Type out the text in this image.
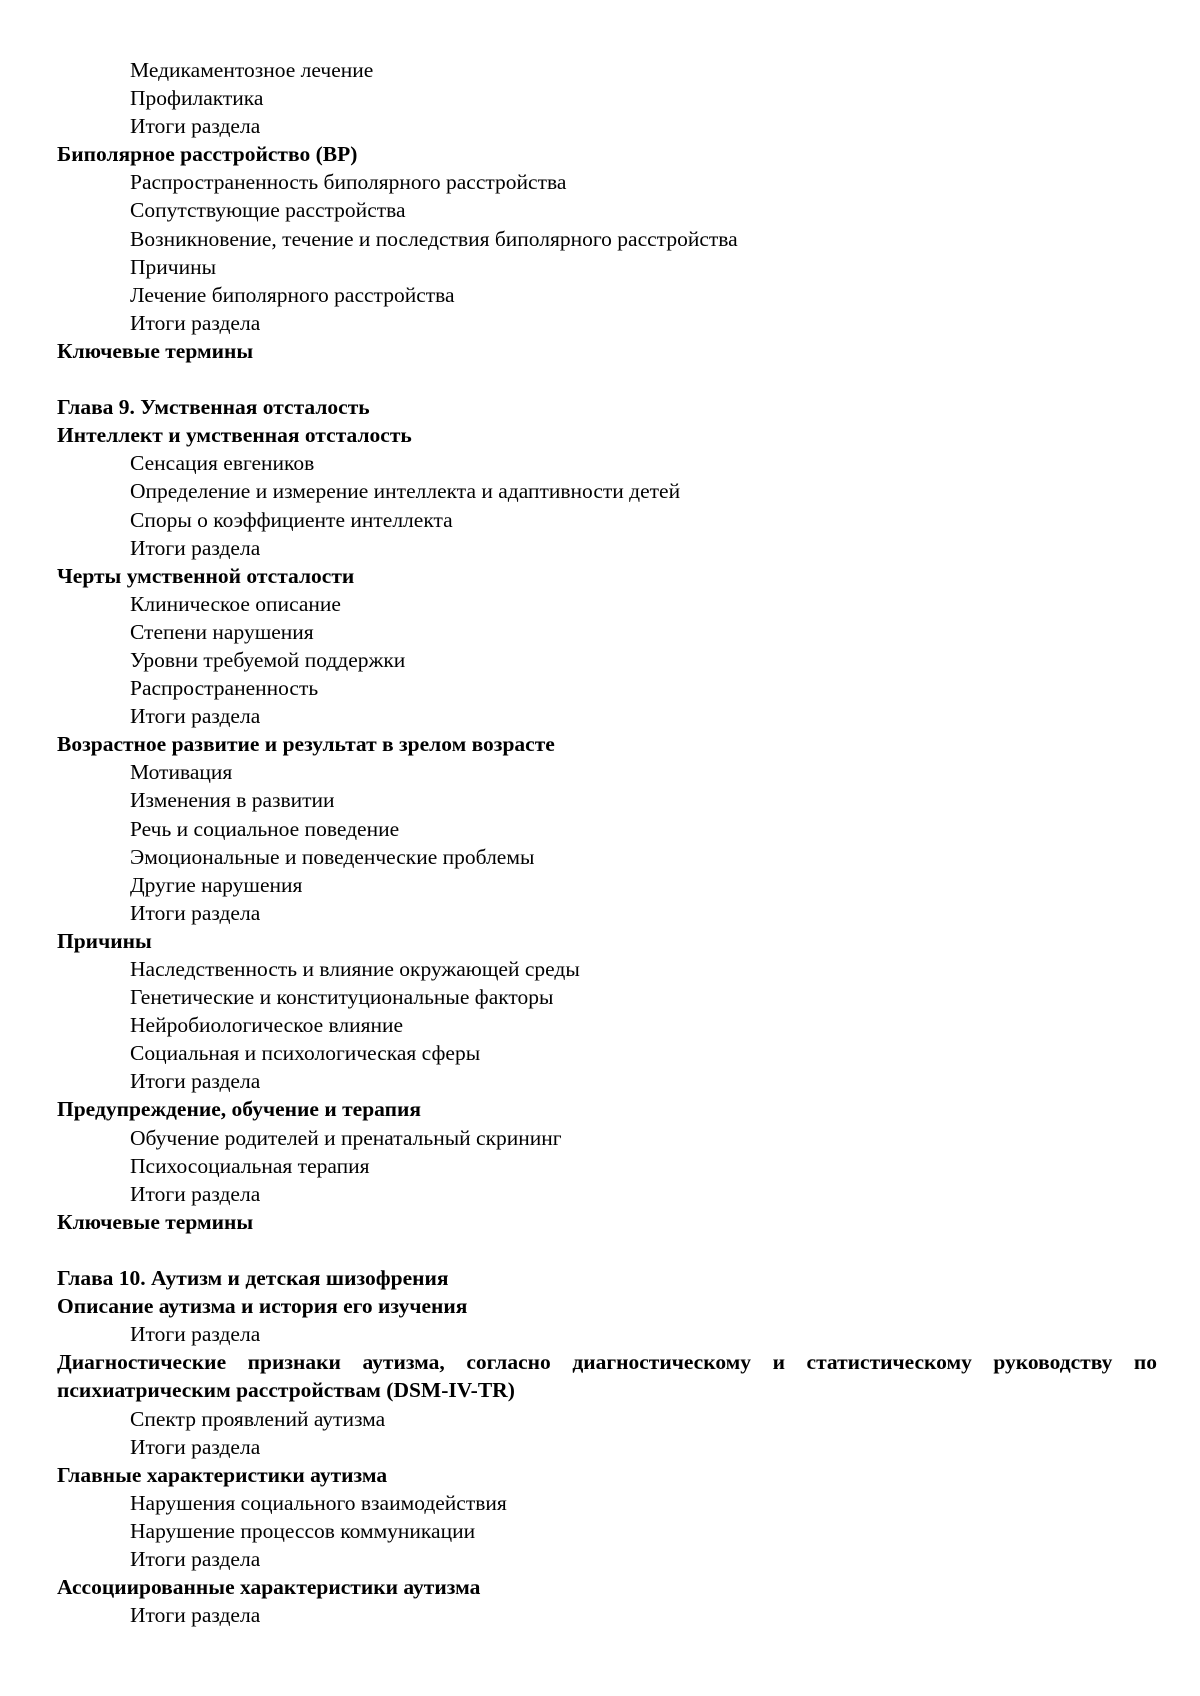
Медикаментозное лечение
Профилактика
Итоги раздела
Биполярное расстройство (BP)
Распространенность биполярного расстройства
Сопутствующие расстройства
Возникновение, течение и последствия биполярного расстройства
Причины
Лечение биполярного расстройства
Итоги раздела
Ключевые термины
Глава 9. Умственная отсталость
Интеллект и умственная отсталость
Сенсация евгеников
Определение и измерение интеллекта и адаптивности детей
Споры о коэффициенте интеллекта
Итоги раздела
Черты умственной отсталости
Клиническое описание
Степени нарушения
Уровни требуемой поддержки
Распространенность
Итоги раздела
Возрастное развитие и результат в зрелом возрасте
Мотивация
Изменения в развитии
Речь и социальное поведение
Эмоциональные и поведенческие проблемы
Другие нарушения
Итоги раздела
Причины
Наследственность и влияние окружающей среды
Генетические и конституциональные факторы
Нейробиологическое влияние
Социальная и психологическая сферы
Итоги раздела
Предупреждение, обучение и терапия
Обучение родителей и пренатальный скрининг
Психосоциальная терапия
Итоги раздела
Ключевые термины
Глава 10. Аутизм и детская шизофрения
Описание аутизма и история его изучения
Итоги раздела
Диагностические признаки аутизма, согласно диагностическому и статистическому руководству по психиатрическим расстройствам (DSM-IV-TR)
Спектр проявлений аутизма
Итоги раздела
Главные характеристики аутизма
Нарушения социального взаимодействия
Нарушение процессов коммуникации
Итоги раздела
Ассоциированные характеристики аутизма
Итоги раздела
